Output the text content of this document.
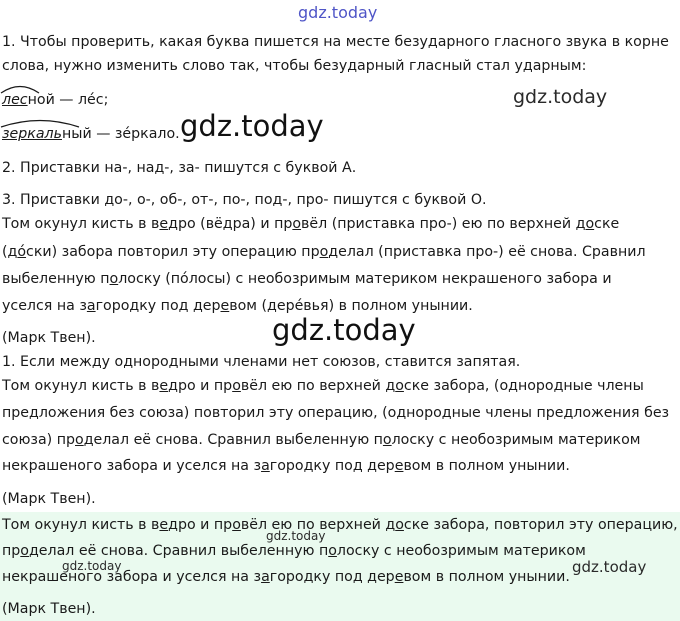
gdz.today
gdz.today
gdz.today
gdz.today
gdz.today
gdz.today	gdz.today
1. Чтобы проверить, какая буква пишется на месте безударного гласного звука в корне
слова, нужно изменить слово так, чтобы безударный гласный стал ударным:
лесной — лéс;
зеркальный — зéркало.
2. Приставки на-, над-, за- пишутся с буквой А.
3. Приставки до-, о-, об-, от-, по-, под-, про- пишутся с буквой О.
Том окунул кисть в ведро (вёдра) и провёл (приставка про-) ею по верхней доске
(до́ски) забора повторил эту операцию проделал (приставка про-) её снова. Сравнил
выбеленную полоску (пóлосы) с необозримым материком некрашеного забора и
уселся на загородку под деревом (дерéвья) в полном унынии.
(Марк Твен).
1. Если между однородными членами нет союзов, ставится запятая.
Том окунул кисть в ведро и провёл ею по верхней доске забора, (однородные члены
предложения без союза) повторил эту операцию, (однородные члены предложения без
союза) проделал её снова. Сравнил выбеленную полоску с необозримым материком
некрашеного забора и уселся на загородку под деревом в полном унынии.
(Марк Твен).
Том окунул кисть в ведро и провёл ею по верхней доске забора, повторил эту операцию,
проделал её снова. Сравнил выбеленную полоску с необозримым материком
некрашеного забора и уселся на загородку под деревом в полном унынии.
(Марк Твен).
